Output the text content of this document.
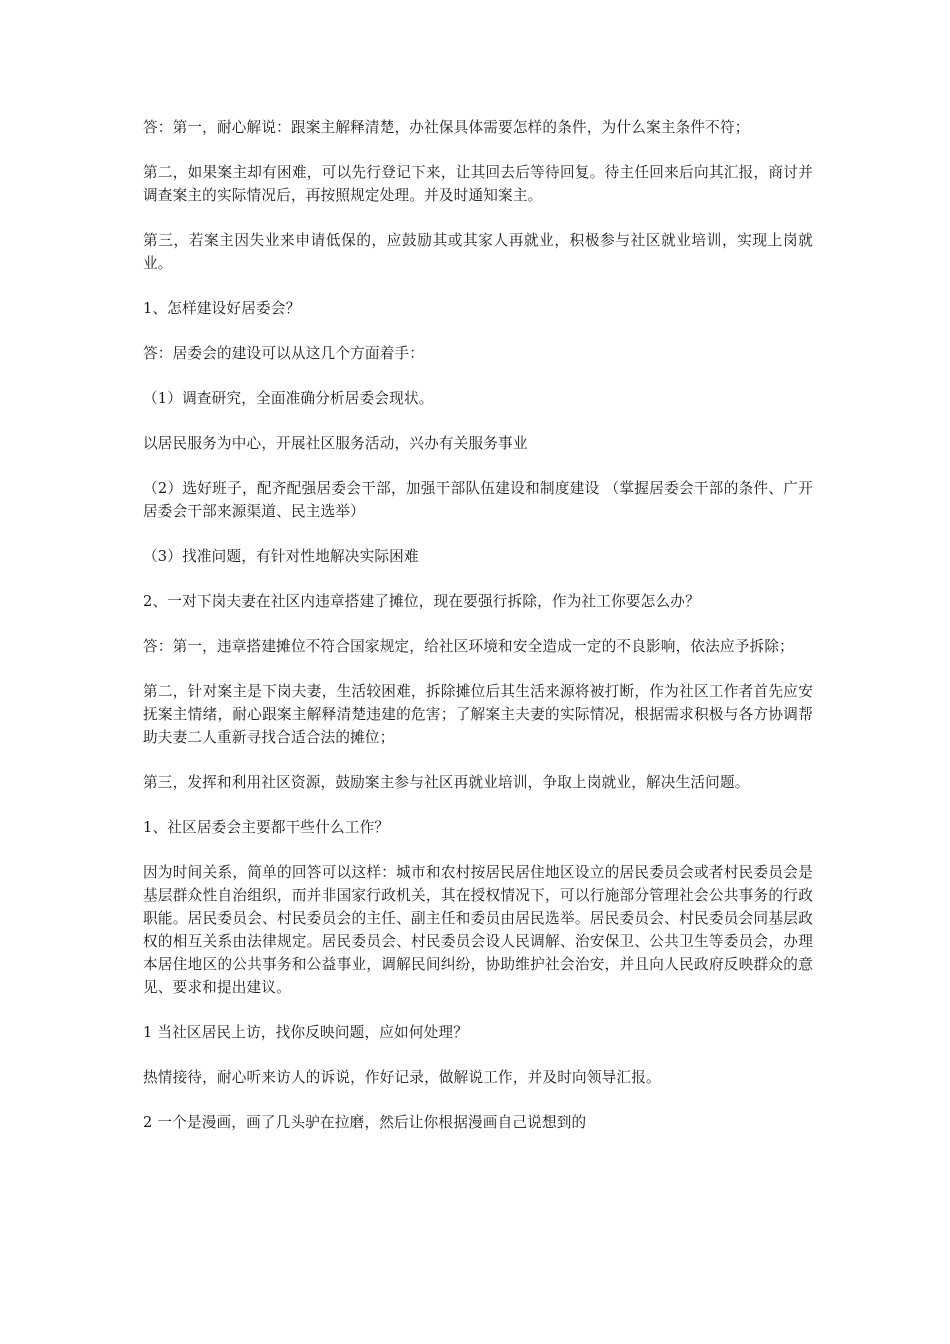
答：第一，耐心解说：跟案主解释清楚，办社保具体需要怎样的条件，为什么案主条件不符；

第二，如果案主却有困难，可以先行登记下来，让其回去后等待回复。待主任回来后向其汇报，商讨并调查案主的实际情况后，再按照规定处理。并及时通知案主。

第三，若案主因失业来申请低保的，应鼓励其或其家人再就业，积极参与社区就业培训，实现上岗就业。

1、怎样建设好居委会？

答：居委会的建设可以从这几个方面着手：

（1）调查研究，全面准确分析居委会现状。

以居民服务为中心，开展社区服务活动，兴办有关服务事业

（2）选好班子，配齐配强居委会干部，加强干部队伍建设和制度建设 （掌握居委会干部的条件、广开居委会干部来源渠道、民主选举）

（3）找准问题，有针对性地解决实际困难

2、一对下岗夫妻在社区内违章搭建了摊位，现在要强行拆除，作为社工你要怎么办？

答：第一，违章搭建摊位不符合国家规定，给社区环境和安全造成一定的不良影响，依法应予拆除；

第二，针对案主是下岗夫妻，生活较困难，拆除摊位后其生活来源将被打断，作为社区工作者首先应安抚案主情绪，耐心跟案主解释清楚违建的危害；了解案主夫妻的实际情况，根据需求积极与各方协调帮助夫妻二人重新寻找合适合法的摊位；

第三，发挥和利用社区资源，鼓励案主参与社区再就业培训，争取上岗就业，解决生活问题。

1、社区居委会主要都干些什么工作？

因为时间关系，简单的回答可以这样：城市和农村按居民居住地区设立的居民委员会或者村民委员会是基层群众性自治组织，而并非国家行政机关，其在授权情况下，可以行施部分管理社会公共事务的行政职能。居民委员会、村民委员会的主任、副主任和委员由居民选举。居民委员会、村民委员会同基层政权的相互关系由法律规定。居民委员会、村民委员会设人民调解、治安保卫、公共卫生等委员会，办理本居住地区的公共事务和公益事业，调解民间纠纷，协助维护社会治安，并且向人民政府反映群众的意见、要求和提出建议。

1 当社区居民上访，找你反映问题，应如何处理？

热情接待，耐心听来访人的诉说，作好记录，做解说工作，并及时向领导汇报。

2 一个是漫画，画了几头驴在拉磨，然后让你根据漫画自己说想到的
